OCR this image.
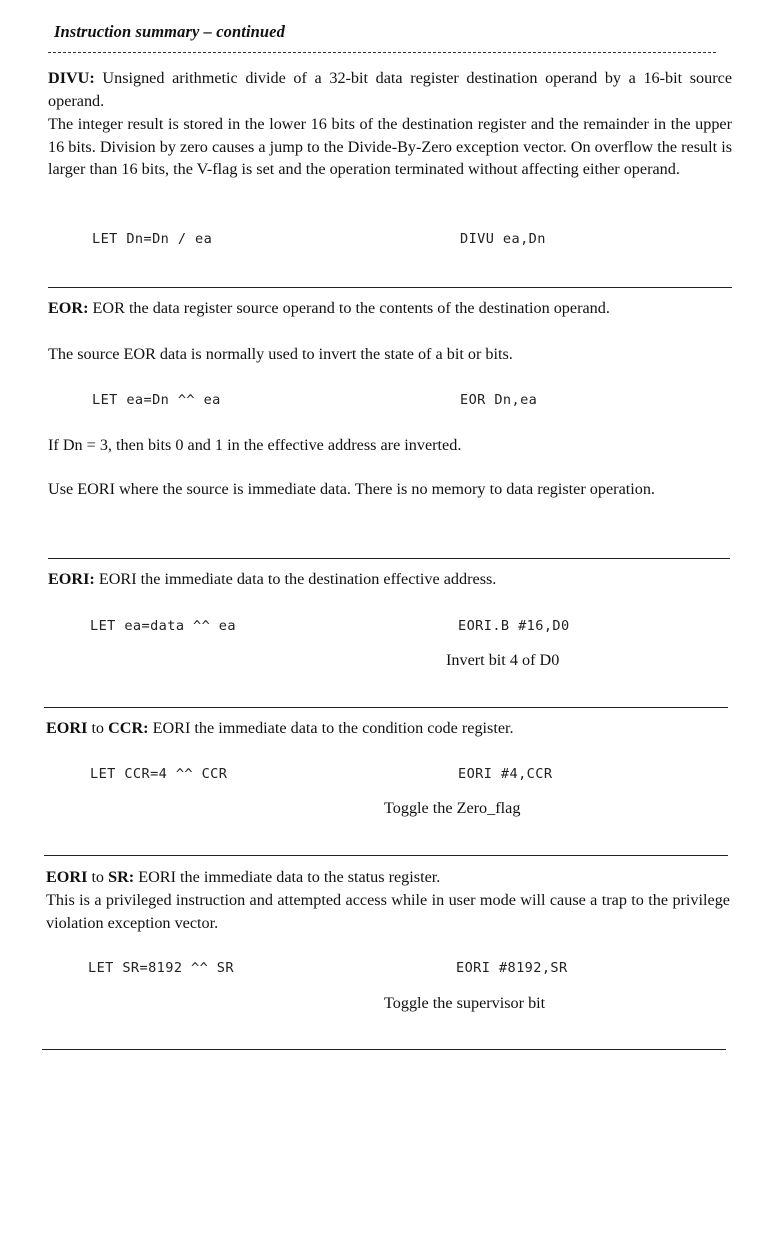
Instruction summary – continued
DIVU: Unsigned arithmetic divide of a 32-bit data register destination operand by a 16-bit source operand.
The integer result is stored in the lower 16 bits of the destination register and the remainder in the upper 16 bits. Division by zero causes a jump to the Divide-By-Zero exception vector. On overflow the result is larger than 16 bits, the V-flag is set and the operation terminated without affecting either operand.
LET Dn=Dn / ea	DIVU ea,Dn
EOR: EOR the data register source operand to the contents of the destination operand.
The source EOR data is normally used to invert the state of a bit or bits.
LET ea=Dn ^^ ea	EOR Dn,ea
If Dn = 3, then bits 0 and 1 in the effective address are inverted.
Use EORI where the source is immediate data. There is no memory to data register operation.
EORI: EORI the immediate data to the destination effective address.
LET ea=data ^^ ea	EORI.B #16,D0
Invert bit 4 of D0
EORI to CCR: EORI the immediate data to the condition code register.
LET CCR=4 ^^ CCR	EORI #4,CCR
Toggle the Zero_flag
EORI to SR: EORI the immediate data to the status register.
This is a privileged instruction and attempted access while in user mode will cause a trap to the privilege violation exception vector.
LET SR=8192 ^^ SR	EORI #8192,SR
Toggle the supervisor bit
